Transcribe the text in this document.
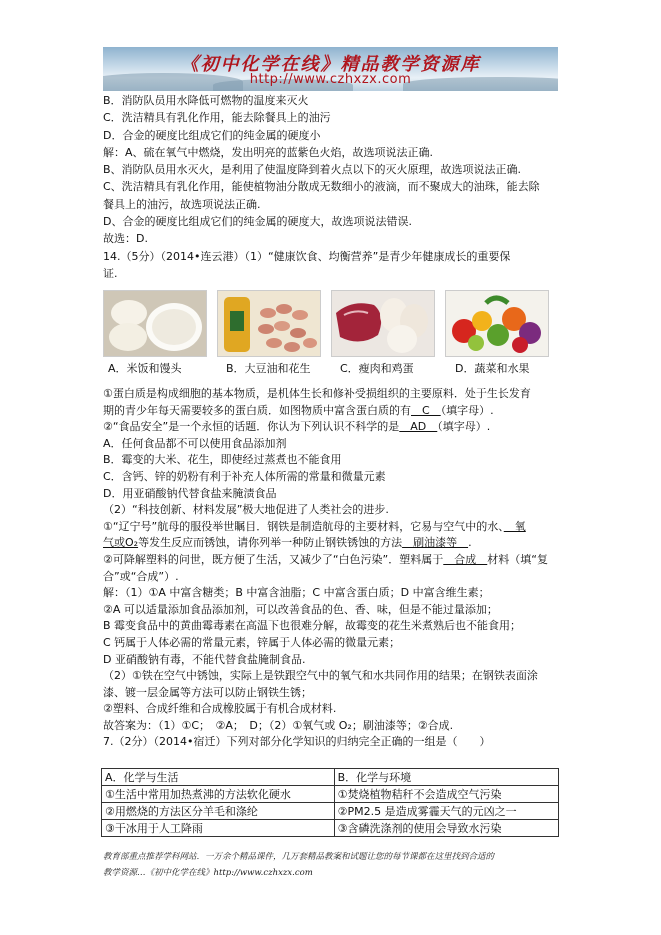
《初中化学在线》精品教学资源库
http://www.czhxzx.com
B．消防队员用水降低可燃物的温度来灭火
C．洗洁精具有乳化作用，能去除餐具上的油污
D．合金的硬度比组成它们的纯金属的硬度小
解：A、硫在氧气中燃烧，发出明亮的蓝紫色火焰，故选项说法正确.
B、消防队员用水灭火，是利用了使温度降到着火点以下的灭火原理，故选项说法正确.
C、洗洁精具有乳化作用，能使植物油分散成无数细小的液滴，而不聚成大的油珠，能去除
餐具上的油污，故选项说法正确.
D、合金的硬度比组成它们的纯金属的硬度大，故选项说法错误.
故选：D.
14.（5分）（2014•连云港）（1）“健康饮食、均衡营养”是青少年健康成长的重要保
证.
A．米饭和馒头	B．大豆油和花生	C．瘦肉和鸡蛋	D．蔬菜和水果
①蛋白质是构成细胞的基本物质，是机体生长和修补受损组织的主要原料．处于生长发育
期的青少年每天需要较多的蛋白质．如图物质中富含蛋白质的有　C　（填字母）.
②“食品安全”是一个永恒的话题．你认为下列认识不科学的是　AD　（填字母）.
A．任何食品都不可以使用食品添加剂
B．霉变的大米、花生，即使经过蒸煮也不能食用
C．含钙、锌的奶粉有利于补充人体所需的常量和微量元素
D．用亚硝酸钠代替食盐来腌渍食品
（2）“科技创新、材料发展”极大地促进了人类社会的进步.
①“辽宁号”航母的服役举世瞩目．钢铁是制造航母的主要材料，它易与空气中的水、　氧
气或O₂等发生反应而锈蚀，请你列举一种防止钢铁锈蚀的方法　刷油漆等　.
②可降解塑料的问世，既方便了生活，又减少了“白色污染”．塑料属于　合成　材料（填“复
合”或“合成”）.
解：（1）①A 中富含糖类；B 中富含油脂；C 中富含蛋白质；D 中富含维生素；
②A 可以适量添加食品添加剂，可以改善食品的色、香、味，但是不能过量添加；
B 霉变食品中的黄曲霉毒素在高温下也很难分解，故霉变的花生米煮熟后也不能食用；
C 钙属于人体必需的常量元素，锌属于人体必需的微量元素；
D 亚硝酸钠有毒，不能代替食盐腌制食品.
（2）①铁在空气中锈蚀，实际上是铁跟空气中的氧气和水共同作用的结果；在钢铁表面涂
漆、镀一层金属等方法可以防止钢铁生锈；
②塑料、合成纤维和合成橡胶属于有机合成材料.
故答案为：（1）①C；　②A；　D；（2）①氧气或 O₂；刷油漆等；②合成.
7.（2分）（2014•宿迁）下列对部分化学知识的归纳完全正确的一组是（　　）
A．化学与生活	B．化学与环境
①生活中常用加热煮沸的方法软化硬水	①焚烧植物秸秆不会造成空气污染
②用燃烧的方法区分羊毛和涤纶	②PM2.5 是造成雾霾天气的元凶之一
③干冰用于人工降雨	③含磷洗涤剂的使用会导致水污染
教育部重点推荐学科网站．一万余个精品课件，几万套精品教案和试题让您的每节课都在这里找到合适的
教学资源…《初中化学在线》http://www.czhxzx.com
